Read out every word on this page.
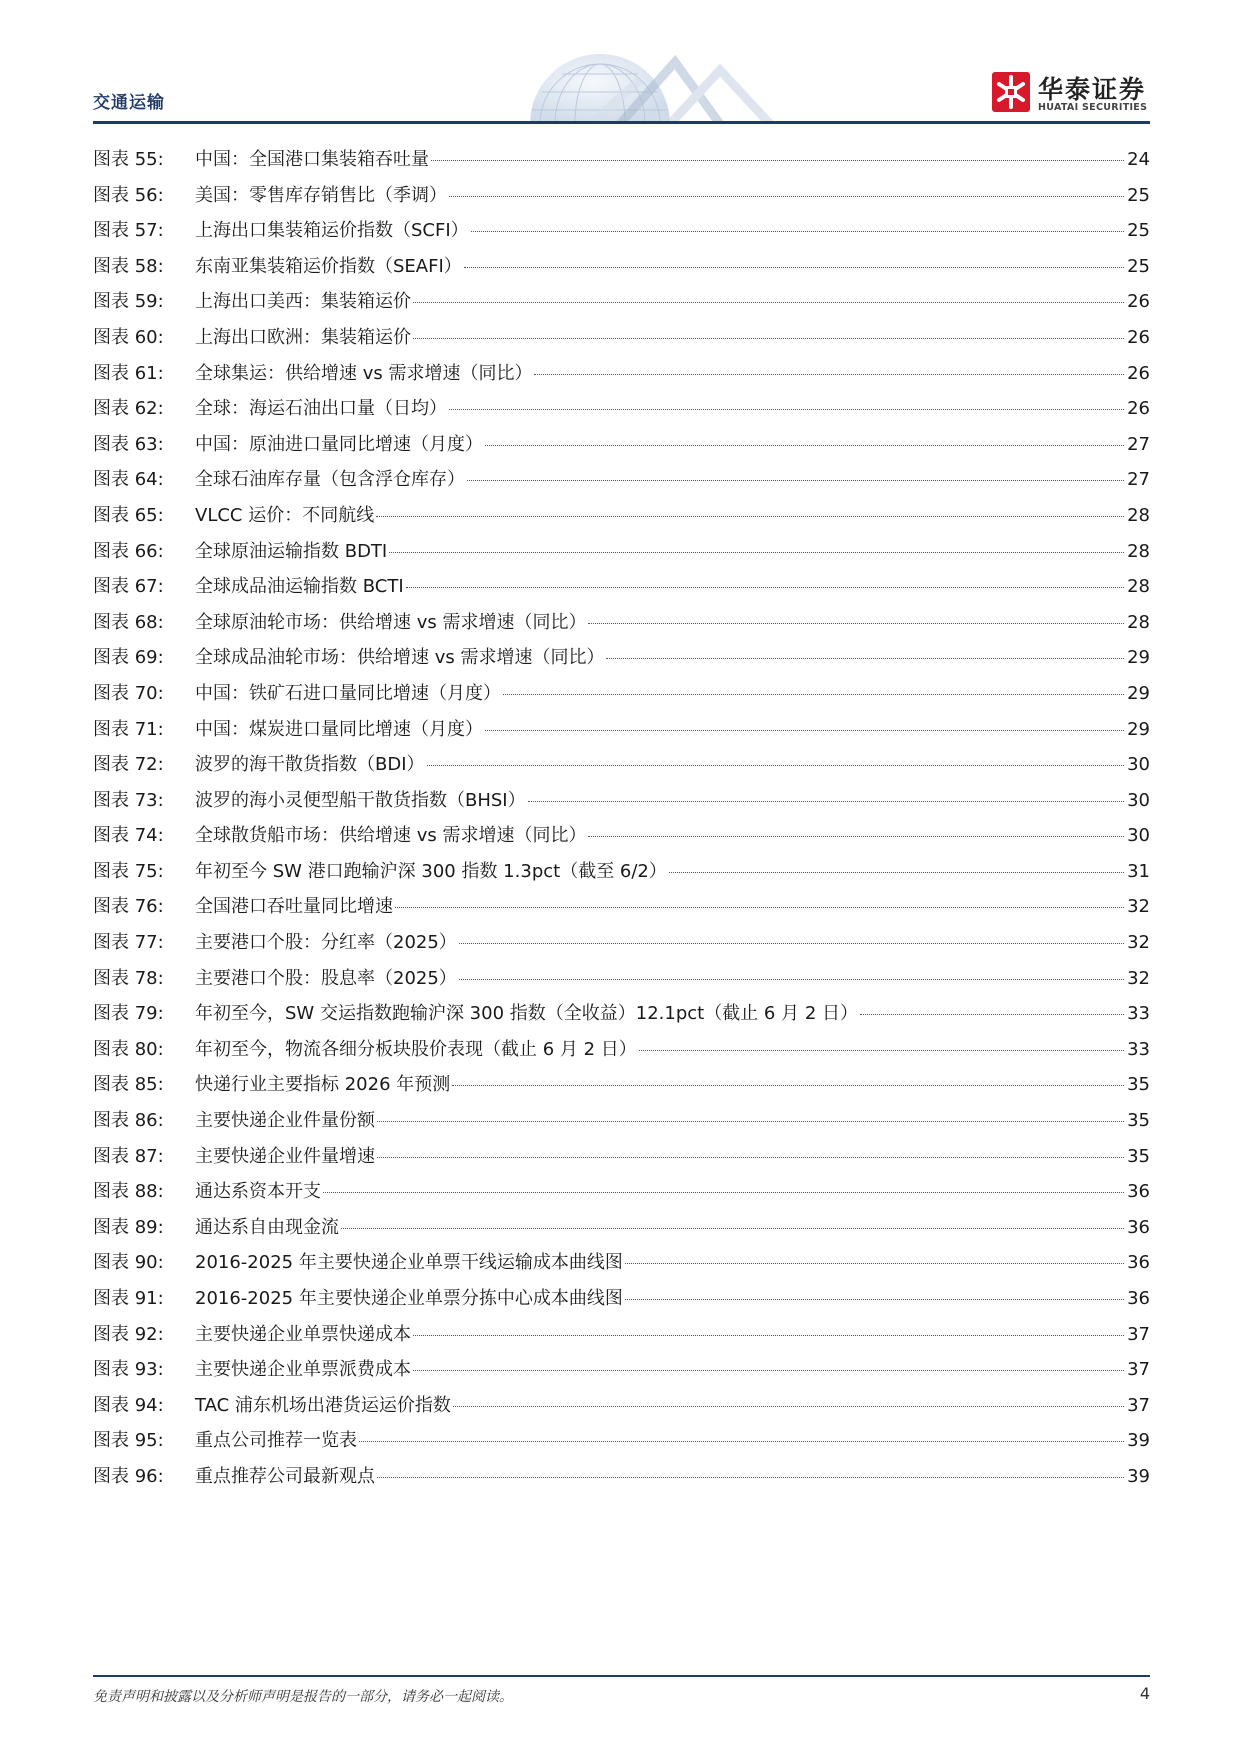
交通运输	华泰证券
HUATAI SECURITIES
图表 55:	中国：全国港口集装箱吞吐量	24
图表 56:	美国：零售库存销售比（季调）	25
图表 57:	上海出口集装箱运价指数（SCFI）	25
图表 58:	东南亚集装箱运价指数（SEAFI）	25
图表 59:	上海出口美西：集装箱运价	26
图表 60:	上海出口欧洲：集装箱运价	26
图表 61:	全球集运：供给增速 vs 需求增速（同比）	26
图表 62:	全球：海运石油出口量（日均）	26
图表 63:	中国：原油进口量同比增速（月度）	27
图表 64:	全球石油库存量（包含浮仓库存）	27
图表 65:	VLCC 运价：不同航线	28
图表 66:	全球原油运输指数 BDTI	28
图表 67:	全球成品油运输指数 BCTI	28
图表 68:	全球原油轮市场：供给增速 vs 需求增速（同比）	28
图表 69:	全球成品油轮市场：供给增速 vs 需求增速（同比）	29
图表 70:	中国：铁矿石进口量同比增速（月度）	29
图表 71:	中国：煤炭进口量同比增速（月度）	29
图表 72:	波罗的海干散货指数（BDI）	30
图表 73:	波罗的海小灵便型船干散货指数（BHSI）	30
图表 74:	全球散货船市场：供给增速 vs 需求增速（同比）	30
图表 75:	年初至今 SW 港口跑输沪深 300 指数 1.3pct（截至 6/2）	31
图表 76:	全国港口吞吐量同比增速	32
图表 77:	主要港口个股：分红率（2025）	32
图表 78:	主要港口个股：股息率（2025）	32
图表 79:	年初至今，SW 交运指数跑输沪深 300 指数（全收益）12.1pct（截止 6 月 2 日）	33
图表 80:	年初至今，物流各细分板块股价表现（截止 6 月 2 日）	33
图表 85:	快递行业主要指标 2026 年预测	35
图表 86:	主要快递企业件量份额	35
图表 87:	主要快递企业件量增速	35
图表 88:	通达系资本开支	36
图表 89:	通达系自由现金流	36
图表 90:	2016-2025 年主要快递企业单票干线运输成本曲线图	36
图表 91:	2016-2025 年主要快递企业单票分拣中心成本曲线图	36
图表 92:	主要快递企业单票快递成本	37
图表 93:	主要快递企业单票派费成本	37
图表 94:	TAC 浦东机场出港货运运价指数	37
图表 95:	重点公司推荐一览表	39
图表 96:	重点推荐公司最新观点	39
免责声明和披露以及分析师声明是报告的一部分，请务必一起阅读。	4
